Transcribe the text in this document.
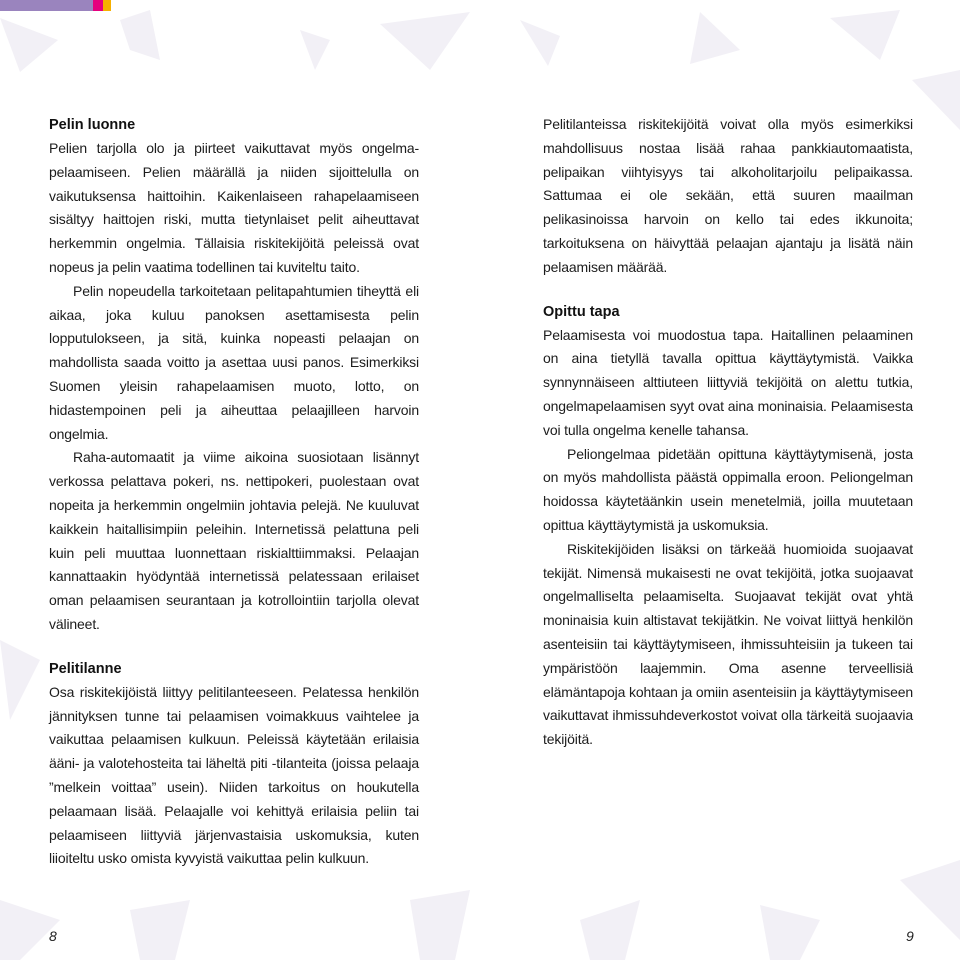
Pelin luonne

Pelien tarjolla olo ja piirteet vaikuttavat myös ongelma-pelaamiseen. Pelien määrällä ja niiden sijoittelulla on vaikutuksensa haittoihin. Kaikenlaiseen rahapelaamiseen sisältyy haittojen riski, mutta tietynlaiset pelit aiheuttavat herkemmin ongelmia. Tällaisia riskitekijöitä peleissä ovat nopeus ja pelin vaatima todellinen tai kuviteltu taito.

Pelin nopeudella tarkoitetaan pelitapahtumien tiheyttä eli aikaa, joka kuluu panoksen asettamisesta pelin lopputulokseen, ja sitä, kuinka nopeasti pelaajan on mahdollista saada voitto ja asettaa uusi panos. Esimerkiksi Suomen yleisin rahapelaamisen muoto, lotto, on hidastempoinen peli ja aiheuttaa pelaajilleen harvoin ongelmia.

Raha-automaatit ja viime aikoina suosiotaan lisännyt verkossa pelattava pokeri, ns. nettipokeri, puolestaan ovat nopeita ja herkemmin ongelmiin johtavia pelejä. Ne kuuluvat kaikkein haitallisimpiin peleihin. Internetissä pelattuna peli kuin peli muuttaa luonnettaan riskialttiimmaksi. Pelaajan kannattaakin hyödyntää internetissä pelatessaan erilaiset oman pelaamisen seurantaan ja kotrollointiin tarjolla olevat välineet.

Pelitilanne

Osa riskitekijöistä liittyy pelitilanteeseen. Pelatessa henkilön jännityksen tunne tai pelaamisen voimakkuus vaihtelee ja vaikuttaa pelaamisen kulkuun. Peleissä käytetään erilaisia ääni- ja valotehosteita tai läheltä piti -tilanteita (joissa pelaaja ”melkein voittaa” usein). Niiden tarkoitus on houkutella pelaamaan lisää. Pelaajalle voi kehittyä erilaisia peliin tai pelaamiseen liittyviä järjenvastaisia uskomuksia, kuten liioiteltu usko omista kyvyistä vaikuttaa pelin kulkuun.

Pelitilanteissa riskitekijöitä voivat olla myös esimerkiksi mahdollisuus nostaa lisää rahaa pankkiautomaatista, pelipaikan viihtyisyys tai alkoholitarjoilu pelipaikassa. Sattumaa ei ole sekään, että suuren maailman pelikasinoissa harvoin on kello tai edes ikkunoita; tarkoituksena on häivyttää pelaajan ajantaju ja lisätä näin pelaamisen määrää.

Opittu tapa

Pelaamisesta voi muodostua tapa. Haitallinen pelaaminen on aina tietyllä tavalla opittua käyttäytymistä. Vaikka synnynnäiseen alttiuteen liittyviä tekijöitä on alettu tutkia, ongelmapelaamisen syyt ovat aina moninaisia. Pelaamisesta voi tulla ongelma kenelle tahansa.

Peliongelmaa pidetään opittuna käyttäytymisenä, josta on myös mahdollista päästä oppimalla eroon. Peliongelman hoidossa käytetäänkin usein menetelmiä, joilla muutetaan opittua käyttäytymistä ja uskomuksia.

Riskitekijöiden lisäksi on tärkeää huomioida suojaavat tekijät. Nimensä mukaisesti ne ovat tekijöitä, jotka suojaavat ongelmalliselta pelaamiselta. Suojaavat tekijät ovat yhtä moninaisia kuin altistavat tekijätkin. Ne voivat liittyä henkilön asenteisiin tai käyttäytymiseen, ihmissuhteisiin ja tukeen tai ympäristöön laajemmin. Oma asenne terveellisiä elämäntapoja kohtaan ja omiin asenteisiin ja käyttäytymiseen vaikuttavat ihmissuhdeverkostot voivat olla tärkeitä suojaavia tekijöitä.

8	9
